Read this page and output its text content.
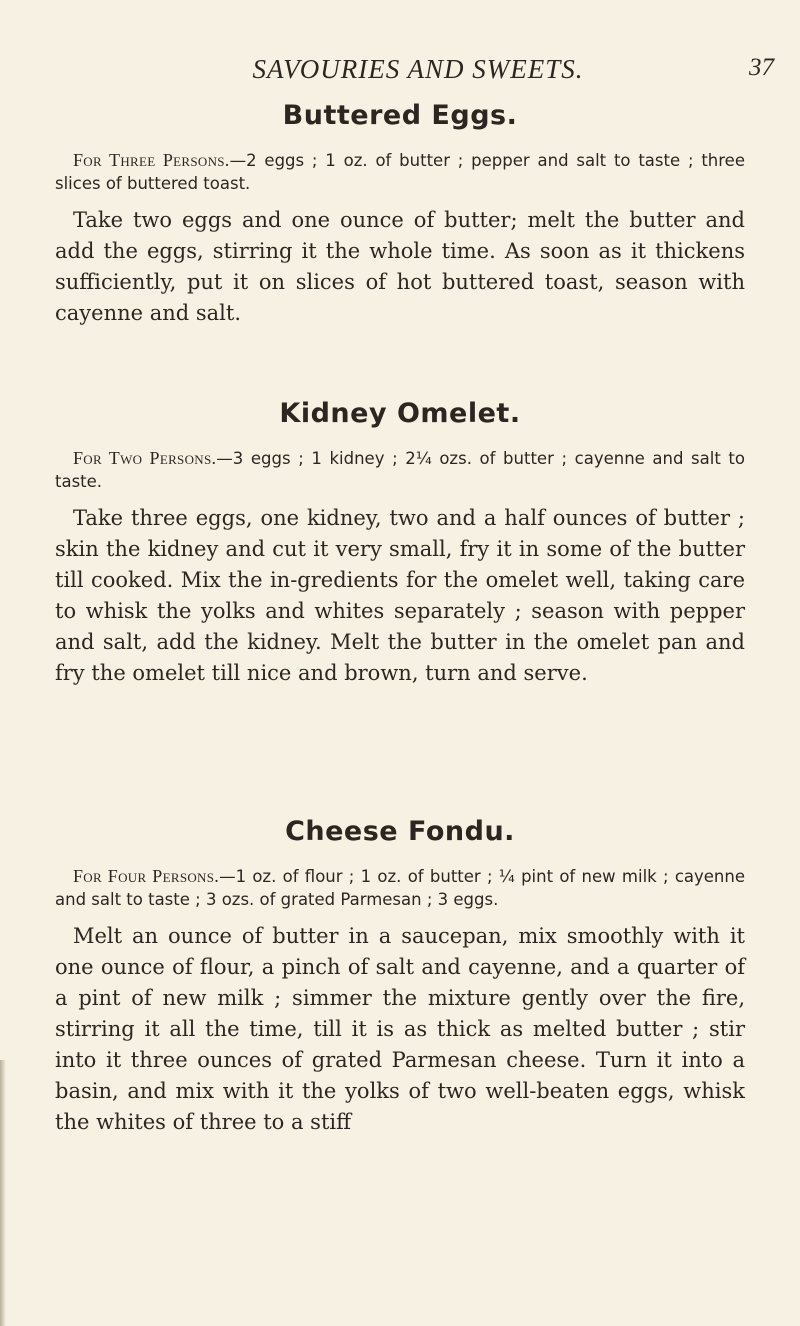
SAVOURIES AND SWEETS.	37
Buttered Eggs.

For Three Persons.—2 eggs ; 1 oz. of butter ; pepper and salt to taste ; three slices of buttered toast.

Take two eggs and one ounce of butter; melt the butter and add the eggs, stirring it the whole time. As soon as it thickens sufficiently, put it on slices of hot buttered toast, season with cayenne and salt.

Kidney Omelet.

For Two Persons.—3 eggs ; 1 kidney ; 2¼ ozs. of butter ; cayenne and salt to taste.

Take three eggs, one kidney, two and a half ounces of butter ; skin the kidney and cut it very small, fry it in some of the butter till cooked. Mix the in-gredients for the omelet well, taking care to whisk the yolks and whites separately ; season with pepper and salt, add the kidney. Melt the butter in the omelet pan and fry the omelet till nice and brown, turn and serve.

Cheese Fondu.

For Four Persons.—1 oz. of flour ; 1 oz. of butter ; ¼ pint of new milk ; cayenne and salt to taste ; 3 ozs. of grated Parmesan ; 3 eggs.

Melt an ounce of butter in a saucepan, mix smoothly with it one ounce of flour, a pinch of salt and cayenne, and a quarter of a pint of new milk ; simmer the mixture gently over the fire, stirring it all the time, till it is as thick as melted butter ; stir into it three ounces of grated Parmesan cheese. Turn it into a basin, and mix with it the yolks of two well-beaten eggs, whisk the whites of three to a stiff
